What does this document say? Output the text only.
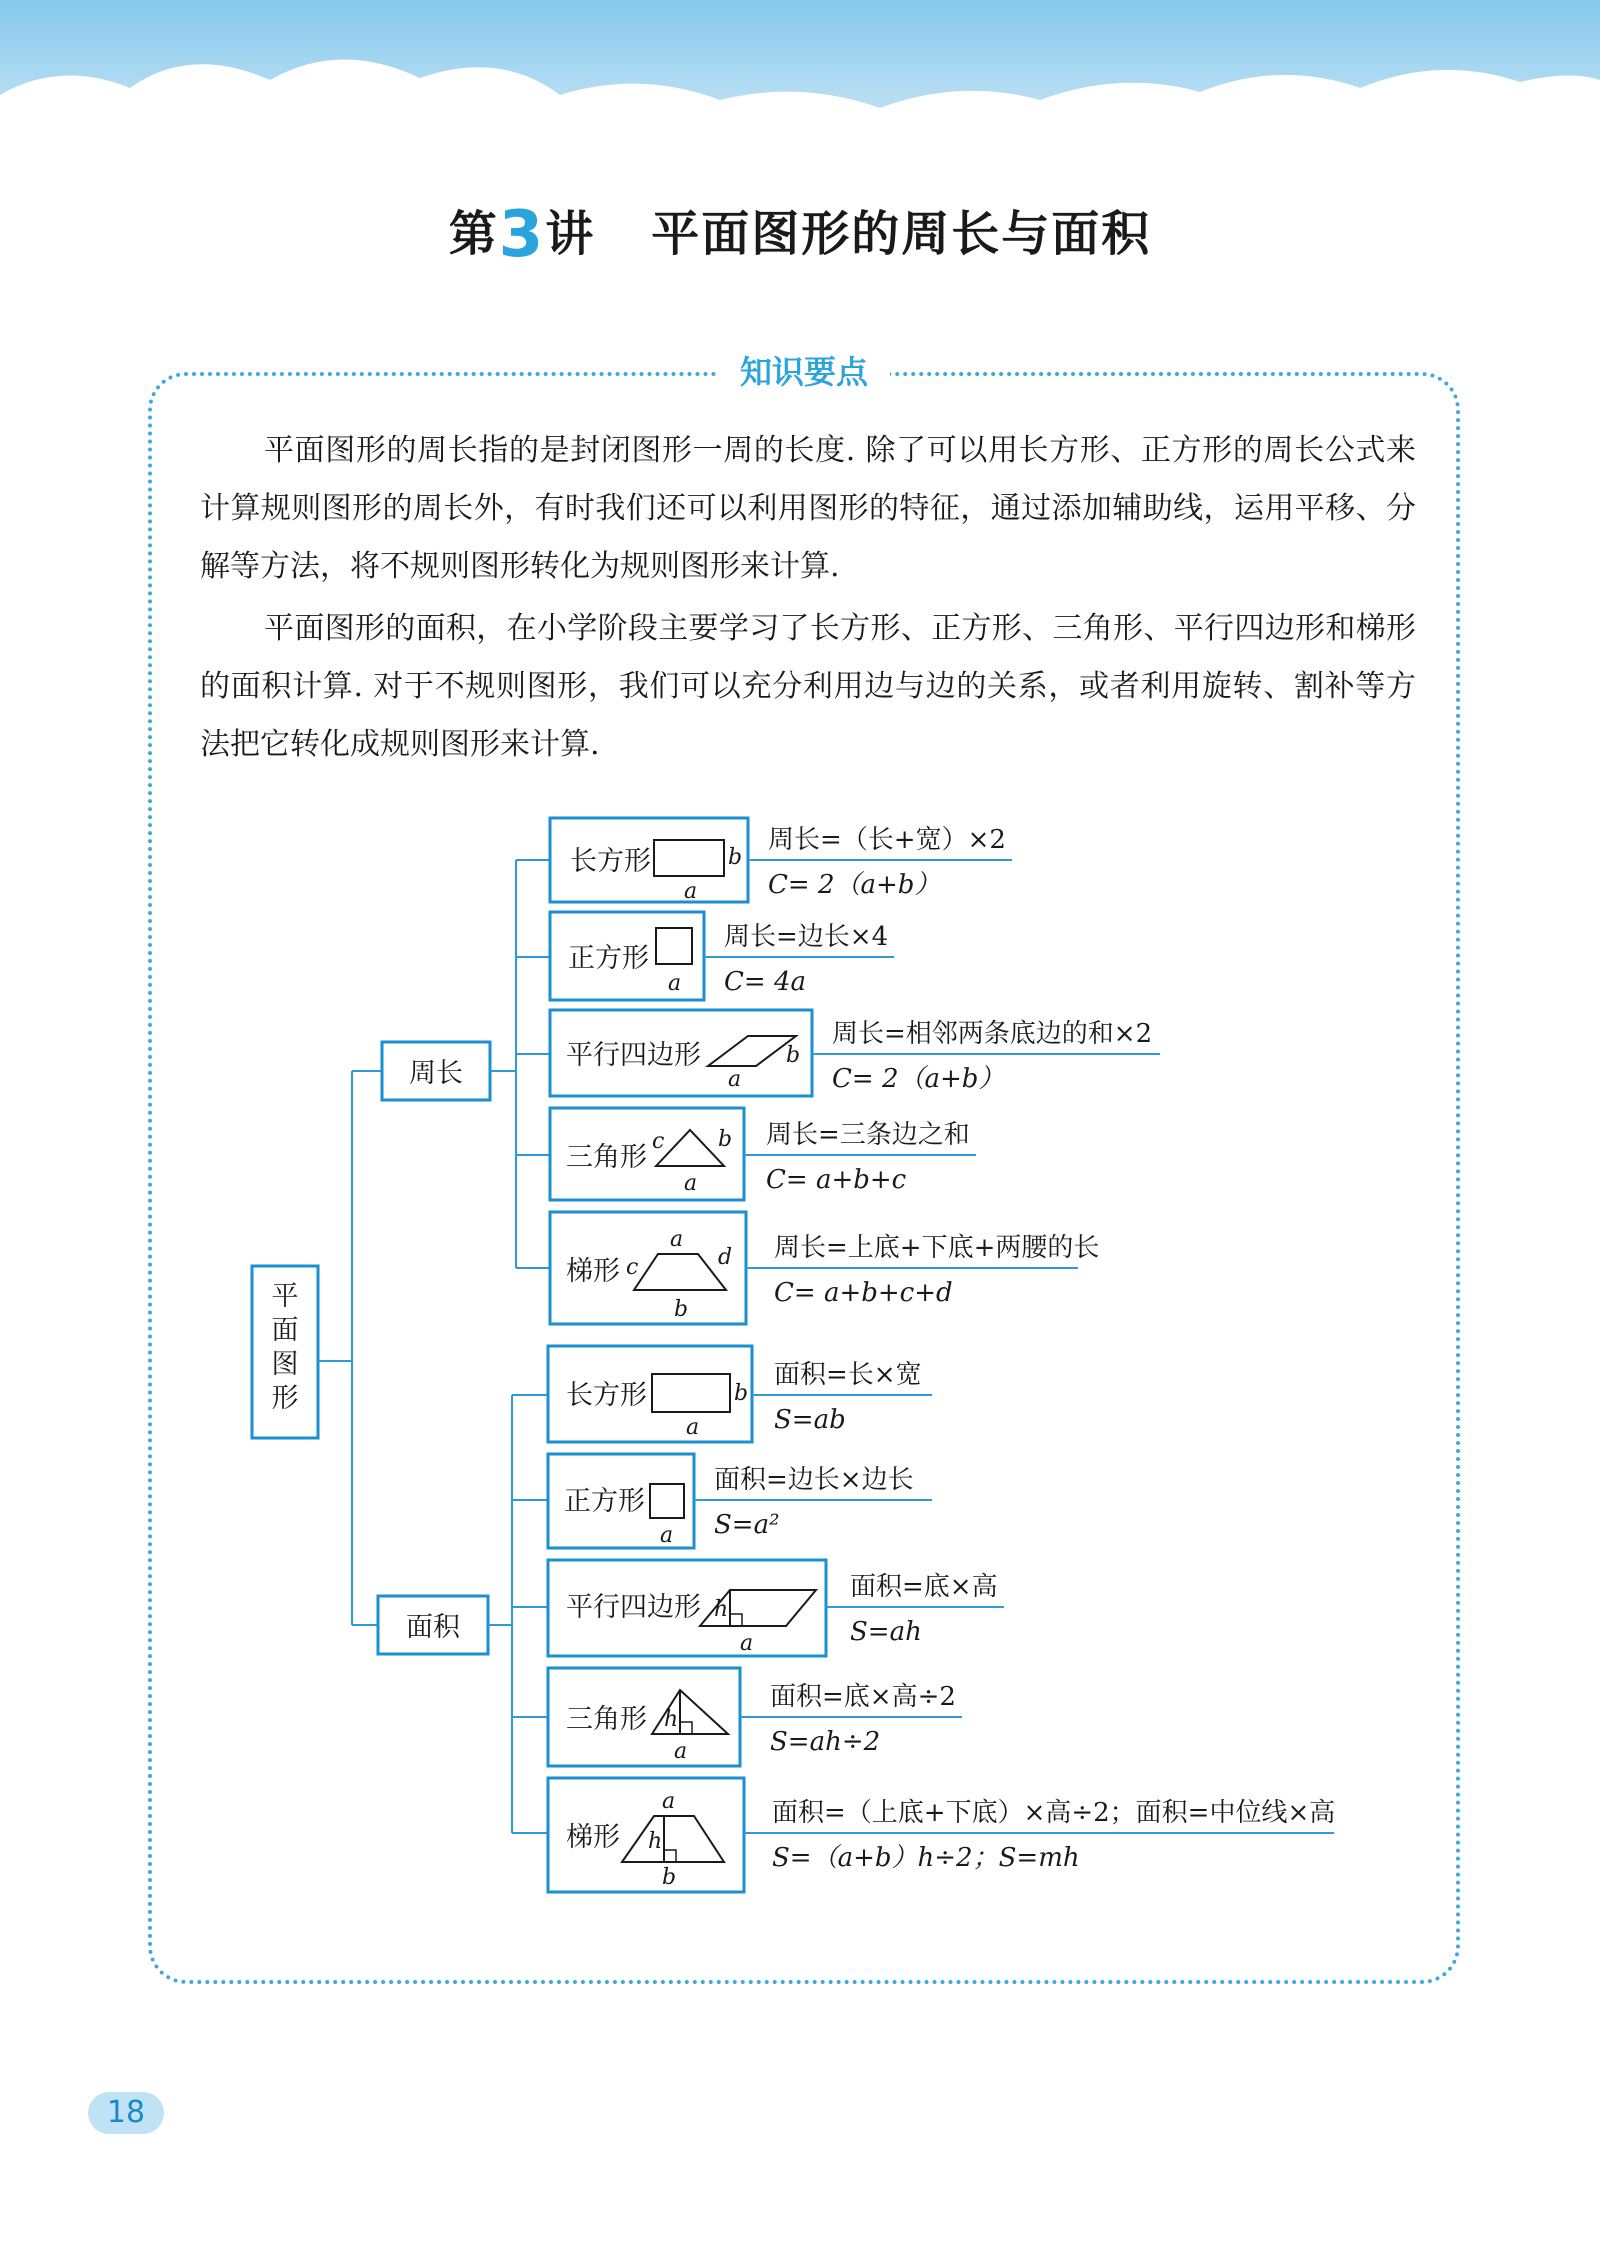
第3讲 平面图形的周长与面积
知识要点
平面图形的周长指的是封闭图形一周的长度. 除了可以用长方形、正方形的周长公式来计算规则图形的周长外，有时我们还可以利用图形的特征，通过添加辅助线，运用平移、分解等方法，将不规则图形转化为规则图形来计算.
平面图形的面积，在小学阶段主要学习了长方形、正方形、三角形、平行四边形和梯形的面积计算. 对于不规则图形，我们可以充分利用边与边的关系，或者利用旋转、割补等方法把它转化成规则图形来计算.
平面图形
周长
面积
长方形	b
a
周长=（长+宽）×2
C= 2（a+b）
正方形
a
周长=边长×4
C= 4a
平行四边形	b
a
周长=相邻两条底边的和×2
C= 2（a+b）
三角形
c b
a
周长=三条边之和
C= a+b+c
梯形
a
c	d
b
周长=上底+下底+两腰的长
C= a+b+c+d
长方形	b
a
面积=长×宽
S=ab
正方形
a
面积=边长×边长
S=a²
平行四边形 h
a
面积=底×高
S=ah
三角形 h
a
面积=底×高÷2
S=ah÷2
梯形
a
h
b
面积=（上底+下底）×高÷2；面积=中位线×高
S=（a+b）h÷2；S=mh
18
